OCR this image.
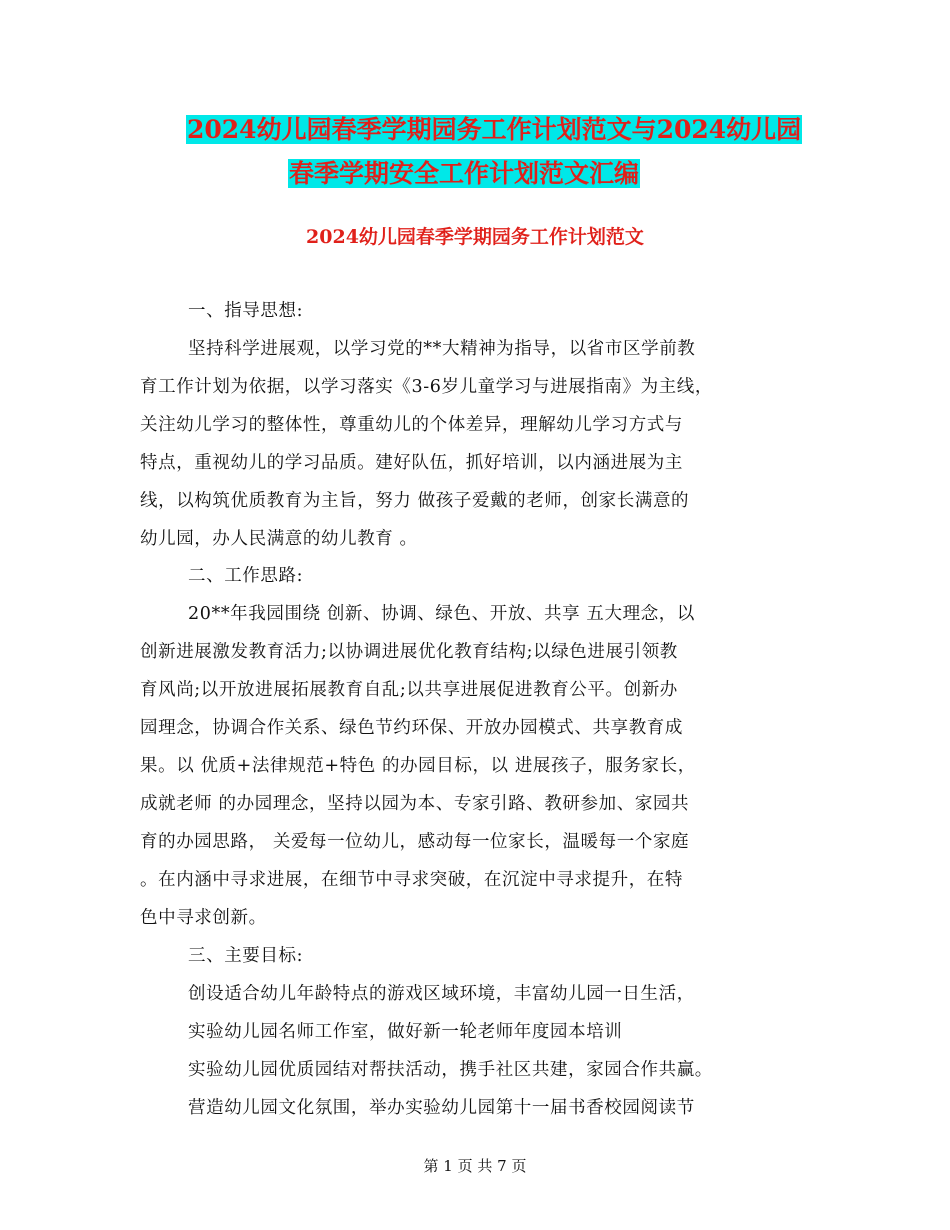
2024幼儿园春季学期园务工作计划范文与2024幼儿园
春季学期安全工作计划范文汇编
2024幼儿园春季学期园务工作计划范文
一、指导思想:
坚持科学进展观，以学习党的**大精神为指导，以省市区学前教
育工作计划为依据，以学习落实《3-6岁儿童学习与进展指南》为主线，
关注幼儿学习的整体性，尊重幼儿的个体差异，理解幼儿学习方式与
特点，重视幼儿的学习品质。建好队伍，抓好培训，以内涵进展为主
线，以构筑优质教育为主旨，努力 做孩子爱戴的老师，创家长满意的
幼儿园，办人民满意的幼儿教育 。
二、工作思路:
20**年我园围绕 创新、协调、绿色、开放、共享 五大理念，以
创新进展激发教育活力;以协调进展优化教育结构;以绿色进展引领教
育风尚;以开放进展拓展教育自乱;以共享进展促进教育公平。创新办
园理念，协调合作关系、绿色节约环保、开放办园模式、共享教育成
果。以 优质+法律规范+特色 的办园目标，以 进展孩子，服务家长，
成就老师 的办园理念，坚持以园为本、专家引路、教研参加、家园共
育的办园思路， 关爱每一位幼儿，感动每一位家长，温暖每一个家庭
。在内涵中寻求进展，在细节中寻求突破，在沉淀中寻求提升，在特
色中寻求创新。
三、主要目标:
创设适合幼儿年龄特点的游戏区域环境，丰富幼儿园一日生活，
实验幼儿园名师工作室，做好新一轮老师年度园本培训
实验幼儿园优质园结对帮扶活动，携手社区共建，家园合作共赢。
营造幼儿园文化氛围，举办实验幼儿园第十一届书香校园阅读节
第 1 页 共 7 页
